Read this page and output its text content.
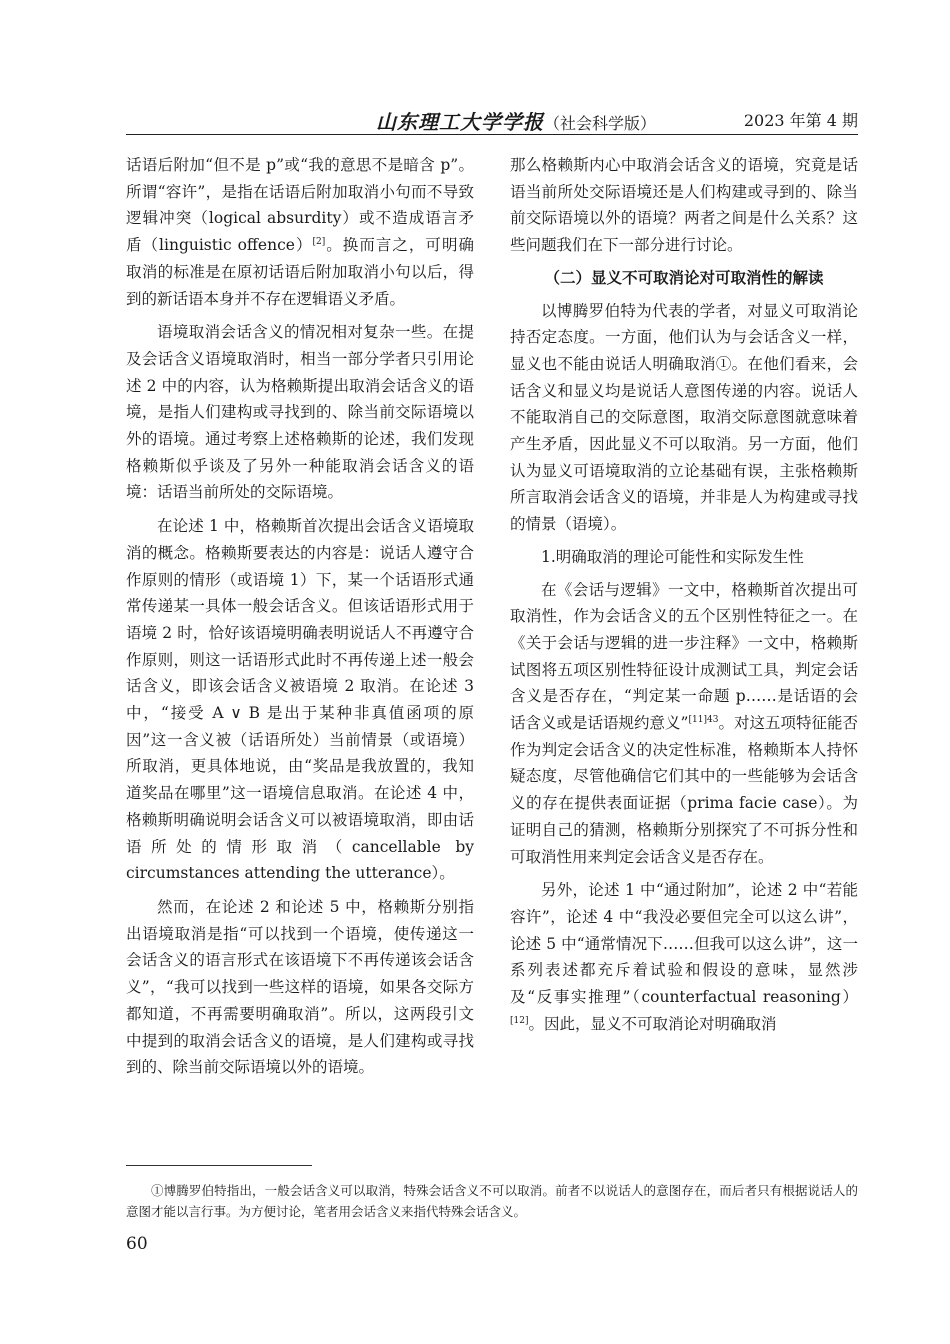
山东理工大学学报（社会科学版）	2023 年第 4 期

话语后附加“但不是 p”或“我的意思不是暗含 p”。所谓“容许”，是指在话语后附加取消小句而不导致逻辑冲突（logical absurdity）或不造成语言矛盾（linguistic offence）[2]。换而言之，可明确取消的标准是在原初话语后附加取消小句以后，得到的新话语本身并不存在逻辑语义矛盾。

语境取消会话含义的情况相对复杂一些。在提及会话含义语境取消时，相当一部分学者只引用论述 2 中的内容，认为格赖斯提出取消会话含义的语境，是指人们建构或寻找到的、除当前交际语境以外的语境。通过考察上述格赖斯的论述，我们发现格赖斯似乎谈及了另外一种能取消会话含义的语境：话语当前所处的交际语境。

在论述 1 中，格赖斯首次提出会话含义语境取消的概念。格赖斯要表达的内容是：说话人遵守合作原则的情形（或语境 1）下，某一个话语形式通常传递某一具体一般会话含义。但该话语形式用于语境 2 时，恰好该语境明确表明说话人不再遵守合作原则，则这一话语形式此时不再传递上述一般会话含义，即该会话含义被语境 2 取消。在论述 3 中，“接受 A ∨ B 是出于某种非真值函项的原因”这一含义被（话语所处）当前情景（或语境）所取消，更具体地说，由“奖品是我放置的，我知道奖品在哪里”这一语境信息取消。在论述 4 中，格赖斯明确说明会话含义可以被语境取消，即由话语所处的情形取消（cancellable by circumstances attending the utterance）。

然而，在论述 2 和论述 5 中，格赖斯分别指出语境取消是指“可以找到一个语境，使传递这一会话含义的语言形式在该语境下不再传递该会话含义”，“我可以找到一些这样的语境，如果各交际方都知道，不再需要明确取消”。所以，这两段引文中提到的取消会话含义的语境，是人们建构或寻找到的、除当前交际语境以外的语境。

那么格赖斯内心中取消会话含义的语境，究竟是话语当前所处交际语境还是人们构建或寻到的、除当前交际语境以外的语境？两者之间是什么关系？这些问题我们在下一部分进行讨论。

（二）显义不可取消论对可取消性的解读

以博腾罗伯特为代表的学者，对显义可取消论持否定态度。一方面，他们认为与会话含义一样，显义也不能由说话人明确取消①。在他们看来，会话含义和显义均是说话人意图传递的内容。说话人不能取消自己的交际意图，取消交际意图就意味着产生矛盾，因此显义不可以取消。另一方面，他们认为显义可语境取消的立论基础有误，主张格赖斯所言取消会话含义的语境，并非是人为构建或寻找的情景（语境）。

1.明确取消的理论可能性和实际发生性

在《会话与逻辑》一文中，格赖斯首次提出可取消性，作为会话含义的五个区别性特征之一。在《关于会话与逻辑的进一步注释》一文中，格赖斯试图将五项区别性特征设计成测试工具，判定会话含义是否存在，“判定某一命题 p……是话语的会话含义或是话语规约意义”$^{[11]43}$。对这五项特征能否作为判定会话含义的决定性标准，格赖斯本人持怀疑态度，尽管他确信它们其中的一些能够为会话含义的存在提供表面证据（prima facie case）。为证明自己的猜测，格赖斯分别探究了不可拆分性和可取消性用来判定会话含义是否存在。

另外，论述 1 中“通过附加”，论述 2 中“若能容许”，论述 4 中“我没必要但完全可以这么讲”，论述 5 中“通常情况下……但我可以这么讲”，这一系列表述都充斥着试验和假设的意味，显然涉及“反事实推理”（counterfactual reasoning）[12]。因此，显义不可取消论对明确取消

①博腾罗伯特指出，一般会话含义可以取消，特殊会话含义不可以取消。前者不以说话人的意图存在，而后者只有根据说话人的意图才能以言行事。为方便讨论，笔者用会话含义来指代特殊会话含义。

60
